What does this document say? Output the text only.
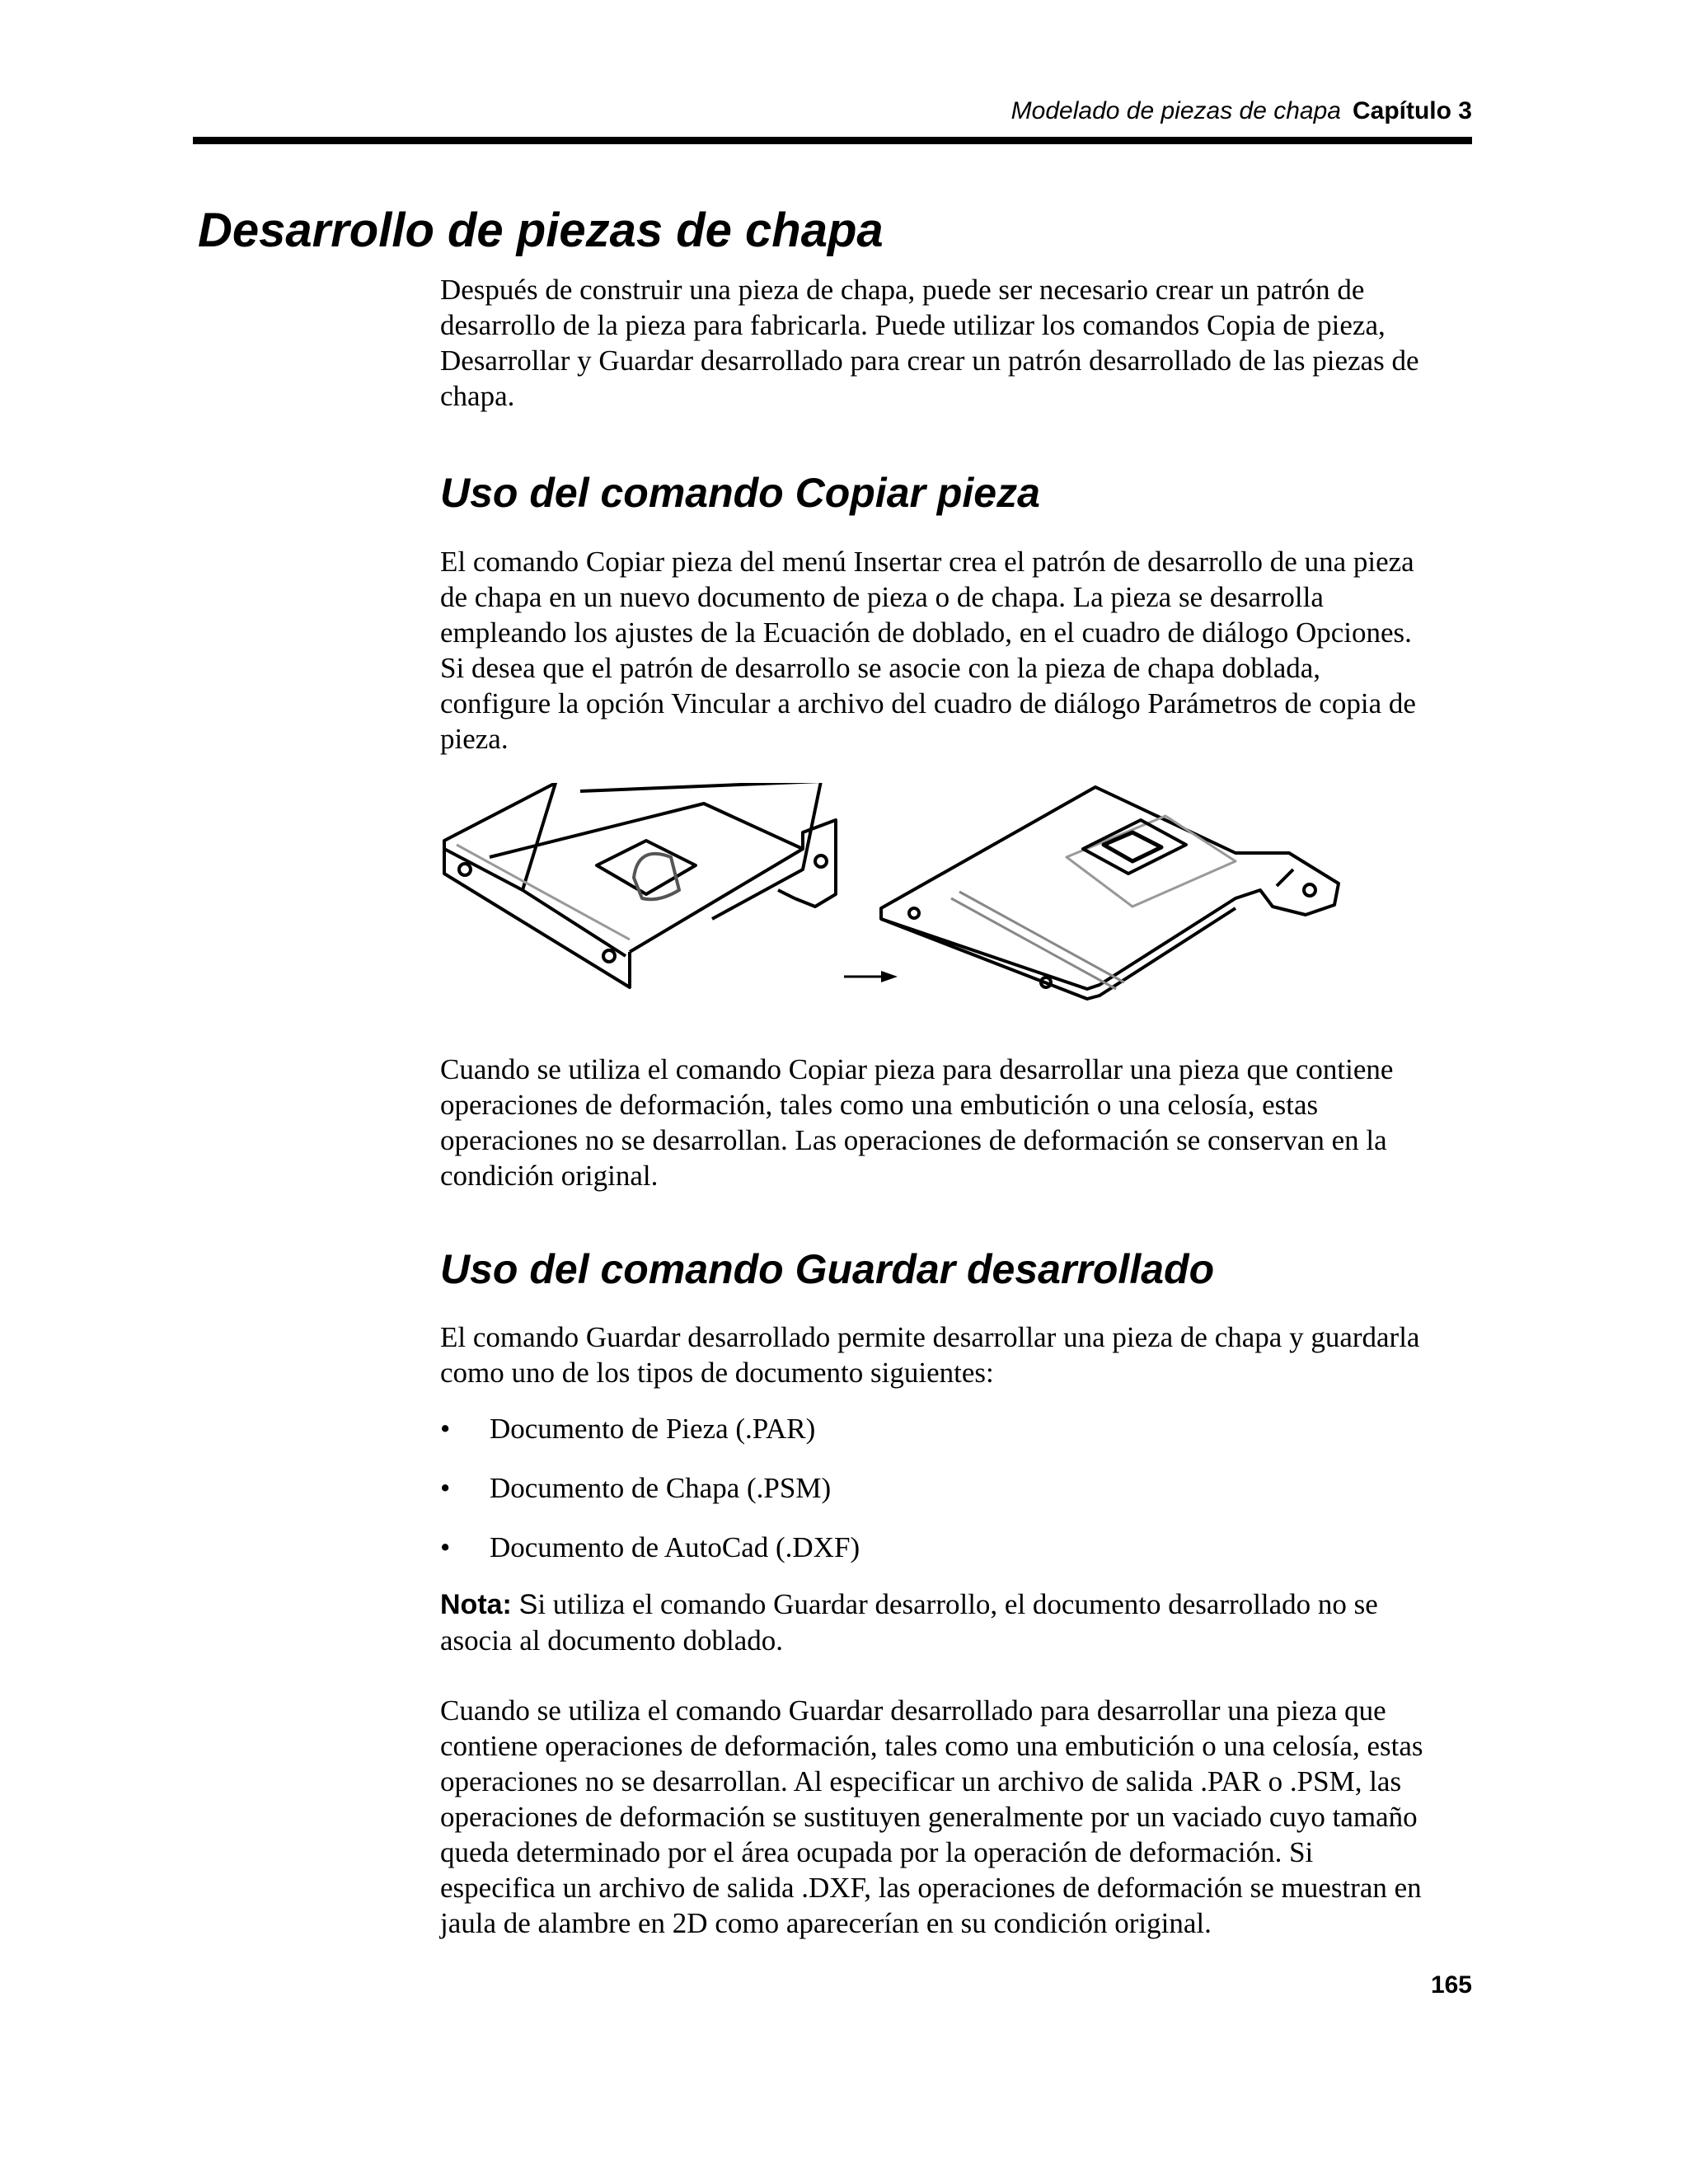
Modelado de piezas de chapa Capítulo 3
Desarrollo de piezas de chapa
Después de construir una pieza de chapa, puede ser necesario crear un patrón de
desarrollo de la pieza para fabricarla. Puede utilizar los comandos Copia de pieza,
Desarrollar y Guardar desarrollado para crear un patrón desarrollado de las piezas de
chapa.
Uso del comando Copiar pieza
El comando Copiar pieza del menú Insertar crea el patrón de desarrollo de una pieza
de chapa en un nuevo documento de pieza o de chapa. La pieza se desarrolla
empleando los ajustes de la Ecuación de doblado, en el cuadro de diálogo Opciones.
Si desea que el patrón de desarrollo se asocie con la pieza de chapa doblada,
configure la opción Vincular a archivo del cuadro de diálogo Parámetros de copia de
pieza.
Cuando se utiliza el comando Copiar pieza para desarrollar una pieza que contiene
operaciones de deformación, tales como una embutición o una celosía, estas
operaciones no se desarrollan. Las operaciones de deformación se conservan en la
condición original.
Uso del comando Guardar desarrollado
El comando Guardar desarrollado permite desarrollar una pieza de chapa y guardarla
como uno de los tipos de documento siguientes:
• Documento de Pieza (.PAR)
• Documento de Chapa (.PSM)
• Documento de AutoCad (.DXF)
Nota: Si utiliza el comando Guardar desarrollo, el documento desarrollado no se
asocia al documento doblado.
Cuando se utiliza el comando Guardar desarrollado para desarrollar una pieza que
contiene operaciones de deformación, tales como una embutición o una celosía, estas
operaciones no se desarrollan. Al especificar un archivo de salida .PAR o .PSM, las
operaciones de deformación se sustituyen generalmente por un vaciado cuyo tamaño
queda determinado por el área ocupada por la operación de deformación. Si
especifica un archivo de salida .DXF, las operaciones de deformación se muestran en
jaula de alambre en 2D como aparecerían en su condición original.
165
